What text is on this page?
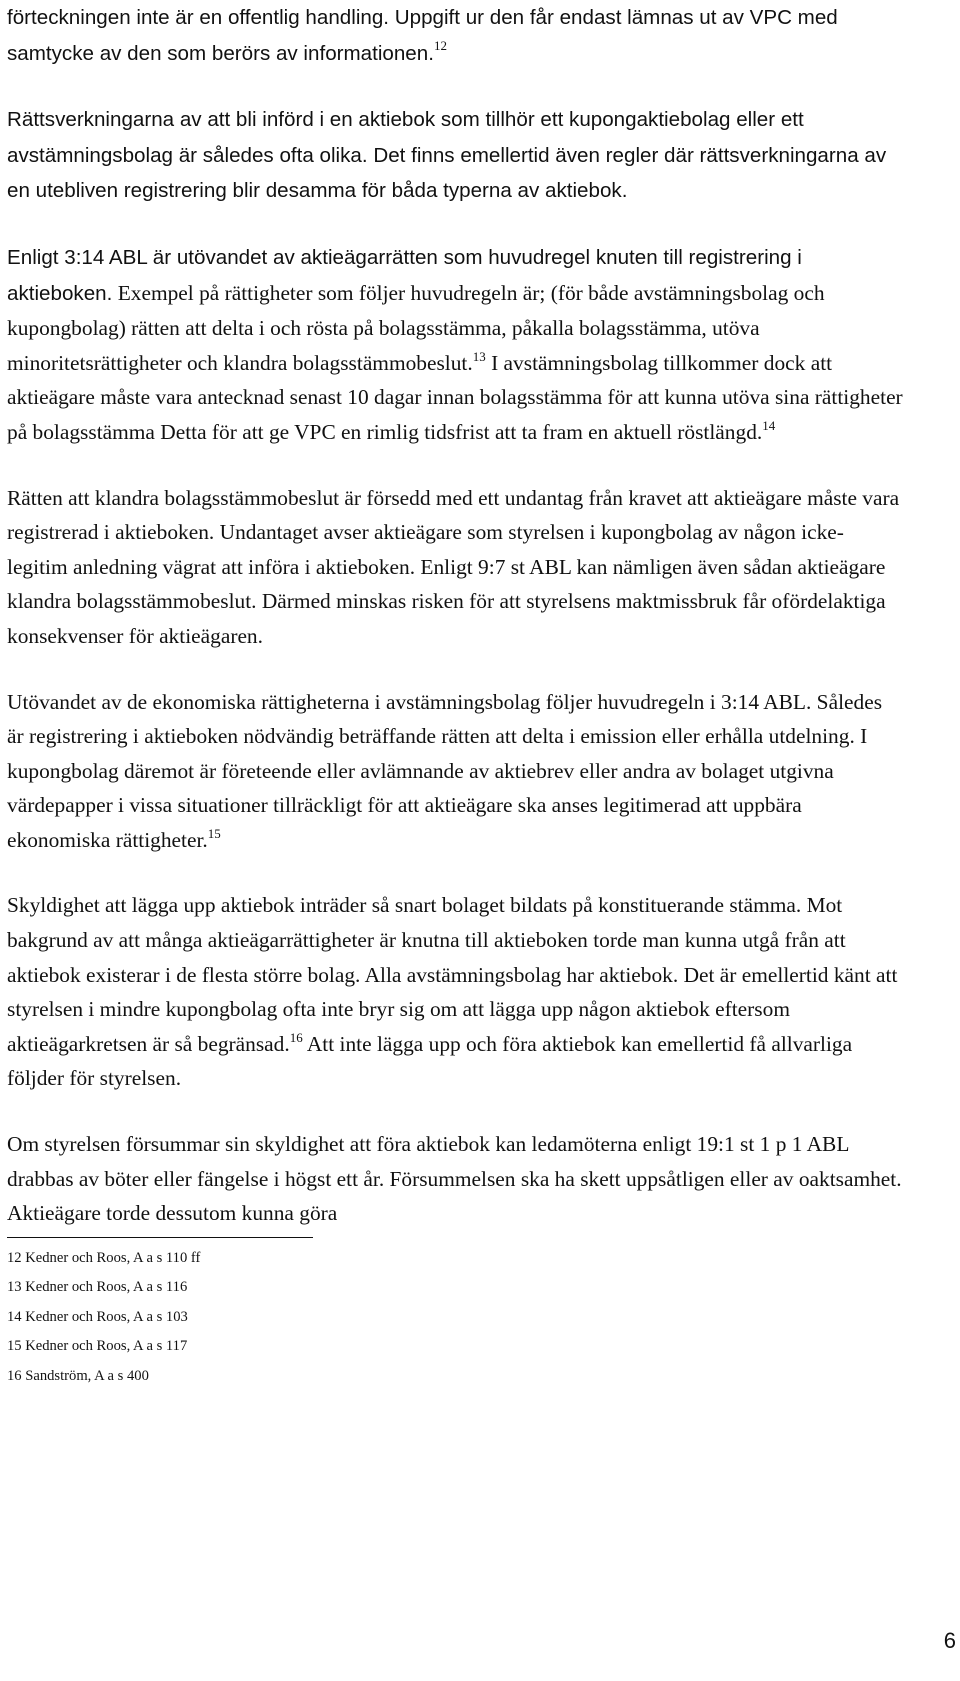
förteckningen inte är en offentlig handling. Uppgift ur den får endast lämnas ut av VPC med samtycke av den som berörs av informationen.$^{12}$

Rättsverkningarna av att bli införd i en aktiebok som tillhör ett kupongaktiebolag eller ett avstämningsbolag är således ofta olika. Det finns emellertid även regler där rättsverkningarna av en utebliven registrering blir desamma för båda typerna av aktiebok.

Enligt 3:14 ABL är utövandet av aktieägarrätten som huvudregel knuten till registrering i aktieboken. Exempel på rättigheter som följer huvudregeln är; (för både avstämningsbolag och kupongbolag) rätten att delta i och rösta på bolagsstämma, påkalla bolagsstämma, utöva minoritetsrättigheter och klandra bolagsstämmobeslut.$^{13}$ I avstämningsbolag tillkommer dock att aktieägare måste vara antecknad senast 10 dagar innan bolagsstämma för att kunna utöva sina rättigheter på bolagsstämma Detta för att ge VPC en rimlig tidsfrist att ta fram en aktuell röstlängd.$^{14}$

Rätten att klandra bolagsstämmobeslut är försedd med ett undantag från kravet att aktieägare måste vara registrerad i aktieboken. Undantaget avser aktieägare som styrelsen i kupongbolag av någon icke-legitim anledning vägrat att införa i aktieboken. Enligt 9:7 st ABL kan nämligen även sådan aktieägare klandra bolagsstämmobeslut. Därmed minskas risken för att styrelsens maktmissbruk får ofördelaktiga konsekvenser för aktieägaren.

Utövandet av de ekonomiska rättigheterna i avstämningsbolag följer huvudregeln i 3:14 ABL. Således är registrering i aktieboken nödvändig beträffande rätten att delta i emission eller erhålla utdelning. I kupongbolag däremot är företeende eller avlämnande av aktiebrev eller andra av bolaget utgivna värdepapper i vissa situationer tillräckligt för att aktieägare ska anses legitimerad att uppbära ekonomiska rättigheter.$^{15}$

Skyldighet att lägga upp aktiebok inträder så snart bolaget bildats på konstituerande stämma. Mot bakgrund av att många aktieägarrättigheter är knutna till aktieboken torde man kunna utgå från att aktiebok existerar i de flesta större bolag. Alla avstämningsbolag har aktiebok. Det är emellertid känt att styrelsen i mindre kupongbolag ofta inte bryr sig om att lägga upp någon aktiebok eftersom aktieägarkretsen är så begränsad.$^{16}$ Att inte lägga upp och föra aktiebok kan emellertid få allvarliga följder för styrelsen.

Om styrelsen försummar sin skyldighet att föra aktiebok kan ledamöterna enligt 19:1 st 1 p 1 ABL drabbas av böter eller fängelse i högst ett år. Försummelsen ska ha skett uppsåtligen eller av oaktsamhet. Aktieägare torde dessutom kunna göra

12 Kedner och Roos, A a s 110 ff

13 Kedner och Roos, A a s 116

14 Kedner och Roos, A a s 103

15 Kedner och Roos, A a s 117

16 Sandström, A a s 400

6
